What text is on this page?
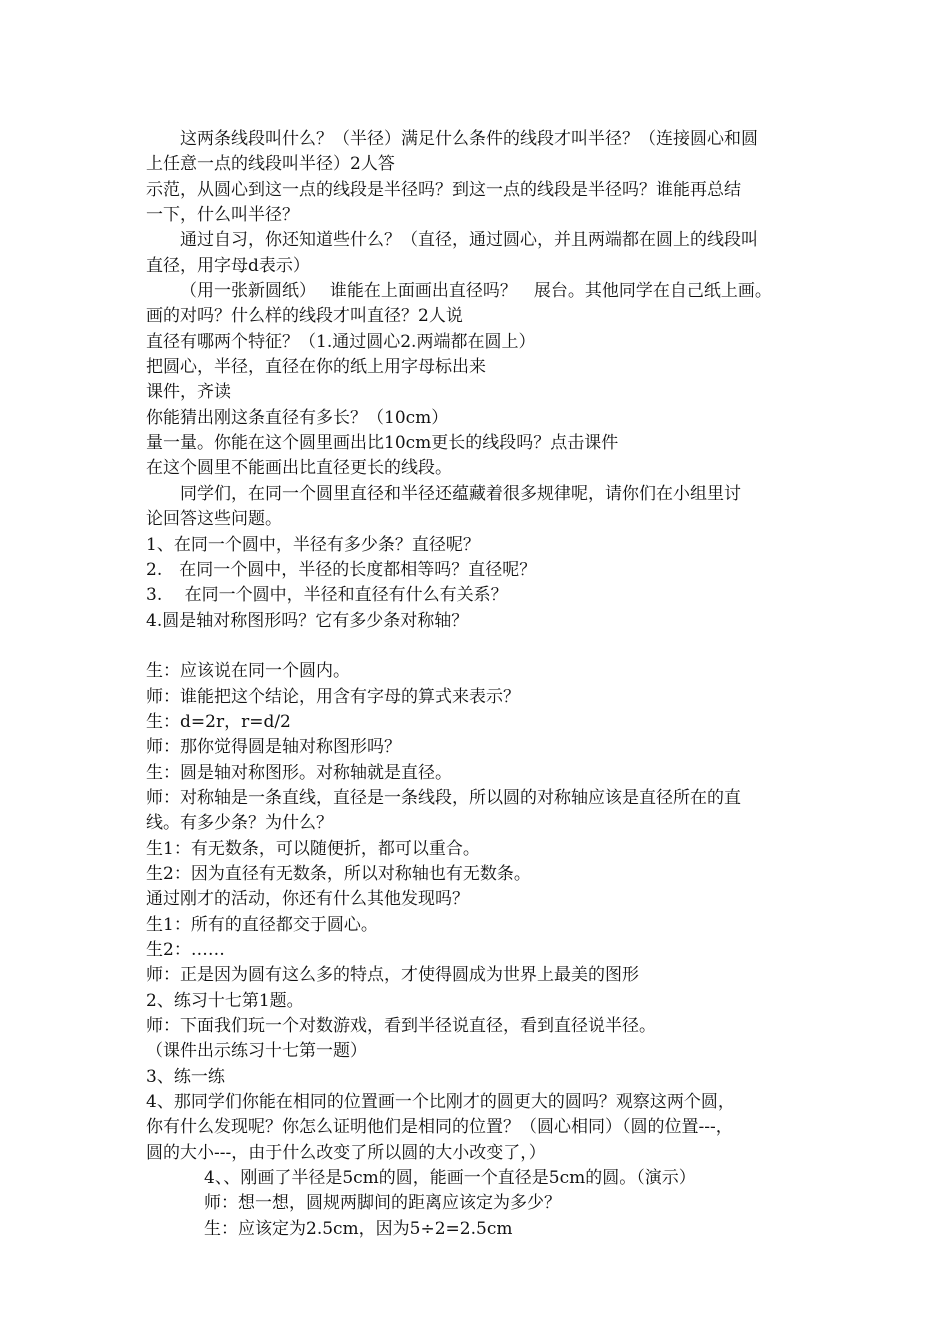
这两条线段叫什么？（半径）满足什么条件的线段才叫半径？（连接圆心和圆
上任意一点的线段叫半径）2人答
示范，从圆心到这一点的线段是半径吗？到这一点的线段是半径吗？谁能再总结
一下，什么叫半径？
通过自习，你还知道些什么？（直径，通过圆心，并且两端都在圆上的线段叫
直径，用字母d表示）
（用一张新圆纸）　 谁能在上面画出直径吗？　展台。其他同学在自己纸上画。
画的对吗？什么样的线段才叫直径？2人说
直径有哪两个特征？（1.通过圆心2.两端都在圆上）
把圆心，半径，直径在你的纸上用字母标出来
课件，齐读
你能猜出刚这条直径有多长？（10cm）
量一量。你能在这个圆里画出比10cm更长的线段吗？点击课件
在这个圆里不能画出比直径更长的线段。
同学们，在同一个圆里直径和半径还蕴藏着很多规律呢，请你们在小组里讨
论回答这些问题。
1、在同一个圆中，半径有多少条？直径呢？
2.　在同一个圆中，半径的长度都相等吗？直径呢？
3.　 在同一个圆中，半径和直径有什么有关系？
4.圆是轴对称图形吗？它有多少条对称轴？
生：应该说在同一个圆内。
师：谁能把这个结论，用含有字母的算式来表示？
生：d=2r，r=d/2
师：那你觉得圆是轴对称图形吗？
生：圆是轴对称图形。对称轴就是直径。
师：对称轴是一条直线，直径是一条线段，所以圆的对称轴应该是直径所在的直
线。有多少条？为什么？
生1：有无数条，可以随便折，都可以重合。
生2：因为直径有无数条，所以对称轴也有无数条。
通过刚才的活动，你还有什么其他发现吗？
生1：所有的直径都交于圆心。
生2：……
师：正是因为圆有这么多的特点，才使得圆成为世界上最美的图形
2、练习十七第1题。
师：下面我们玩一个对数游戏，看到半径说直径，看到直径说半径。
（课件出示练习十七第一题）
3、练一练
4、那同学们你能在相同的位置画一个比刚才的圆更大的圆吗？观察这两个圆，
你有什么发现呢？你怎么证明他们是相同的位置？（圆心相同）（圆的位置---，
圆的大小---，由于什么改变了所以圆的大小改变了，）
4、、刚画了半径是5cm的圆，能画一个直径是5cm的圆。（演示）
师：想一想，圆规两脚间的距离应该定为多少？
生：应该定为2.5cm，因为5÷2=2.5cm
